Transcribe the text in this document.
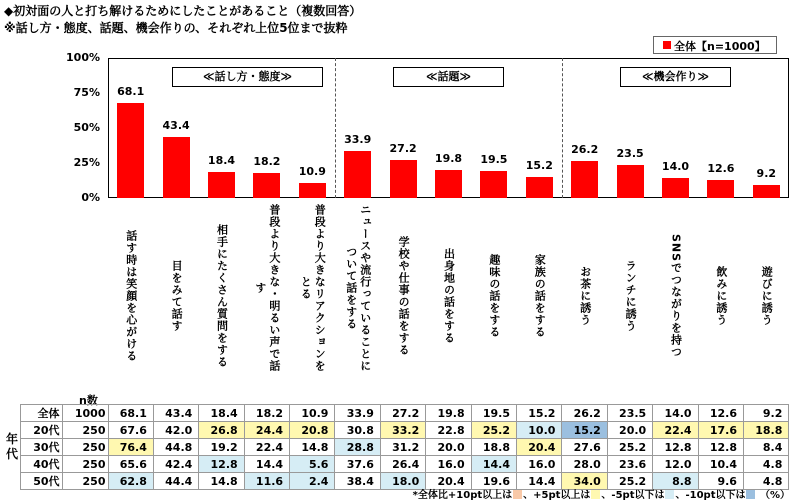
◆初対面の人と打ち解けるためにしたことがあること（複数回答）
※話し方・態度、話題、機会作りの、それぞれ上位5位まで抜粋
全体【n=1000】
100%
75%
50%
25%
0%
≪話し方・態度≫	≪話題≫	≪機会作り≫
68.1
話す時は笑顔を心がける
43.4
目をみて話す
18.4
相手にたくさん質問をする
18.2
普段より大きな・明るい声で話す
10.9
普段より大きなリアクションをとる
33.9
ニュースや流行っていることについて話をする
27.2
学校や仕事の話をする
19.8
出身地の話をする
19.5
趣味の話をする
15.2
家族の話をする
26.2
お茶に誘う
23.5
ランチに誘う
14.0
SNSでつながりを持つ
12.6
飲みに誘う
9.2
遊びに誘う
n数
	全体	1000	68.1	43.4	18.4	18.2	10.9	33.9	27.2	19.8	19.5	15.2	26.2	23.5	14.0	12.6	9.2
	20代	250	67.6	42.0	26.8	24.4	20.8	30.8	33.2	22.8	25.2	10.0	15.2	20.0	22.4	17.6	18.8
	30代	250	76.4	44.8	19.2	22.4	14.8	28.8	31.2	20.0	18.8	20.4	27.6	25.2	12.8	12.8	8.4
	40代	250	65.6	42.4	12.8	14.4	5.6	37.6	26.4	16.0	14.4	16.0	28.0	23.6	12.0	10.4	4.8
	50代	250	62.8	44.4	14.8	11.6	2.4	38.4	18.0	20.4	19.6	14.4	34.0	25.2	8.8	9.6	4.8
年
代
*全体比+10pt以上は 、+5pt以上は 、-5pt以下は 、-10pt以下は （%）
